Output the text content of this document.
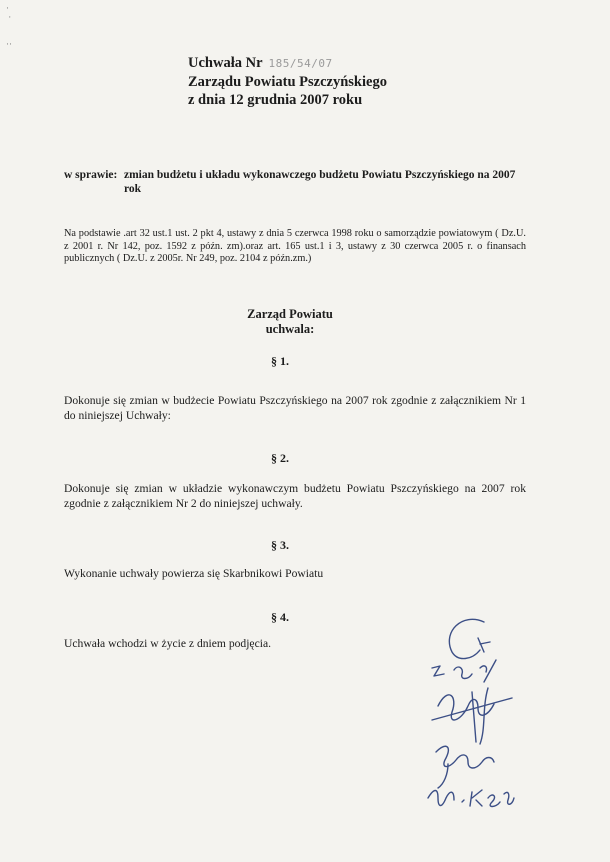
·
·

··
Uchwała Nr 185/54/07
Zarządu Powiatu Pszczyńskiego
z dnia 12 grudnia 2007 roku
w sprawie: zmian budżetu i układu wykonawczego budżetu Powiatu Pszczyńskiego na 2007 rok
Na podstawie .art 32 ust.1 ust. 2 pkt 4, ustawy z dnia 5 czerwca 1998 roku o samorządzie powiatowym ( Dz.U. z 2001 r. Nr 142, poz. 1592 z późn. zm).oraz art. 165 ust.1 i 3, ustawy z 30 czerwca 2005 r. o finansach publicznych ( Dz.U. z 2005r. Nr 249, poz. 2104 z późn.zm.)
Zarząd Powiatu
uchwala:
§ 1.
Dokonuje się zmian w budżecie Powiatu Pszczyńskiego na 2007 rok zgodnie z załącznikiem Nr 1 do niniejszej Uchwały:
§ 2.
Dokonuje się zmian w układzie wykonawczym budżetu Powiatu Pszczyńskiego na 2007 rok zgodnie z załącznikiem Nr 2 do niniejszej uchwały.
§ 3.
Wykonanie uchwały powierza się Skarbnikowi Powiatu
§ 4.
Uchwała wchodzi w życie z dniem podjęcia.
